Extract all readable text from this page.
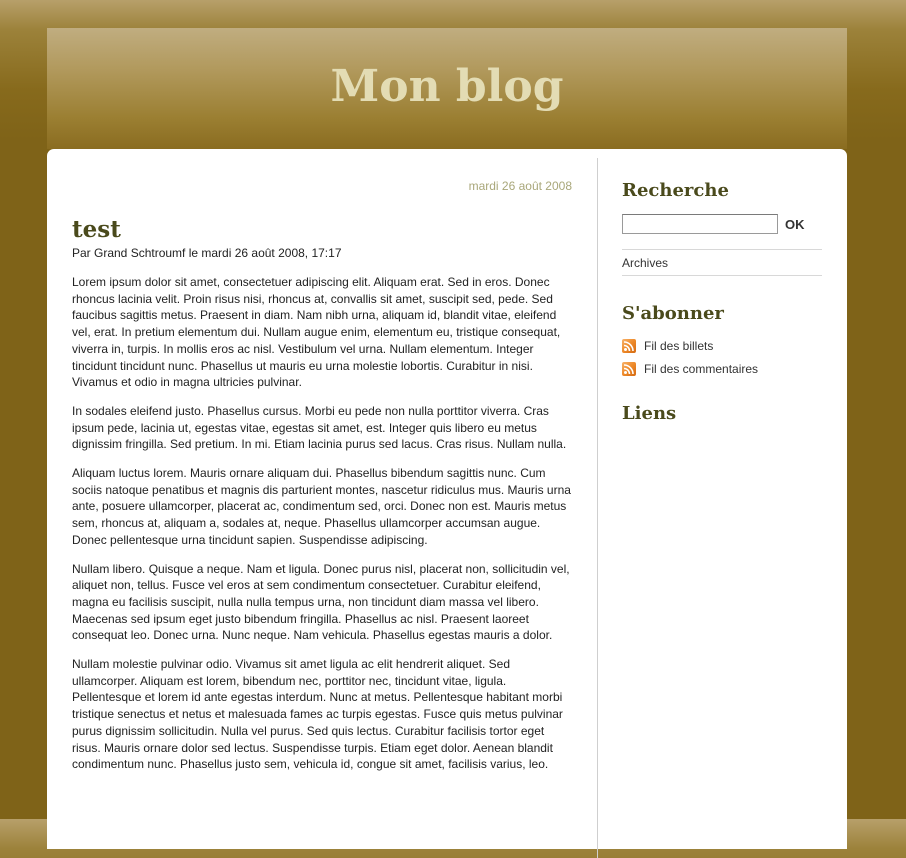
Mon blog
mardi 26 août 2008
test
Par Grand Schtroumf le mardi 26 août 2008, 17:17

Lorem ipsum dolor sit amet, consectetuer adipiscing elit. Aliquam erat. Sed in eros. Donec rhoncus lacinia velit. Proin risus nisi, rhoncus at, convallis sit amet, suscipit sed, pede. Sed faucibus sagittis metus. Praesent in diam. Nam nibh urna, aliquam id, blandit vitae, eleifend vel, erat. In pretium elementum dui. Nullam augue enim, elementum eu, tristique consequat, viverra in, turpis. In mollis eros ac nisl. Vestibulum vel urna. Nullam elementum. Integer tincidunt tincidunt nunc. Phasellus ut mauris eu urna molestie lobortis. Curabitur in nisi. Vivamus et odio in magna ultricies pulvinar.

In sodales eleifend justo. Phasellus cursus. Morbi eu pede non nulla porttitor viverra. Cras ipsum pede, lacinia ut, egestas vitae, egestas sit amet, est. Integer quis libero eu metus dignissim fringilla. Sed pretium. In mi. Etiam lacinia purus sed lacus. Cras risus. Nullam nulla.

Aliquam luctus lorem. Mauris ornare aliquam dui. Phasellus bibendum sagittis nunc. Cum sociis natoque penatibus et magnis dis parturient montes, nascetur ridiculus mus. Mauris urna ante, posuere ullamcorper, placerat ac, condimentum sed, orci. Donec non est. Mauris metus sem, rhoncus at, aliquam a, sodales at, neque. Phasellus ullamcorper accumsan augue. Donec pellentesque urna tincidunt sapien. Suspendisse adipiscing.

Nullam libero. Quisque a neque. Nam et ligula. Donec purus nisl, placerat non, sollicitudin vel, aliquet non, tellus. Fusce vel eros at sem condimentum consectetuer. Curabitur eleifend, magna eu facilisis suscipit, nulla nulla tempus urna, non tincidunt diam massa vel libero. Maecenas sed ipsum eget justo bibendum fringilla. Phasellus ac nisl. Praesent laoreet consequat leo. Donec urna. Nunc neque. Nam vehicula. Phasellus egestas mauris a dolor.

Nullam molestie pulvinar odio. Vivamus sit amet ligula ac elit hendrerit aliquet. Sed ullamcorper. Aliquam est lorem, bibendum nec, porttitor nec, tincidunt vitae, ligula. Pellentesque et lorem id ante egestas interdum. Nunc at metus. Pellentesque habitant morbi tristique senectus et netus et malesuada fames ac turpis egestas. Fusce quis metus pulvinar purus dignissim sollicitudin. Nulla vel purus. Sed quis lectus. Curabitur facilisis tortor eget risus. Mauris ornare dolor sed lectus. Suspendisse turpis. Etiam eget dolor. Aenean blandit condimentum nunc. Phasellus justo sem, vehicula id, congue sit amet, facilisis varius, leo.

Recherche
OK
Archives
S'abonner
Fil des billets
Fil des commentaires
Liens
